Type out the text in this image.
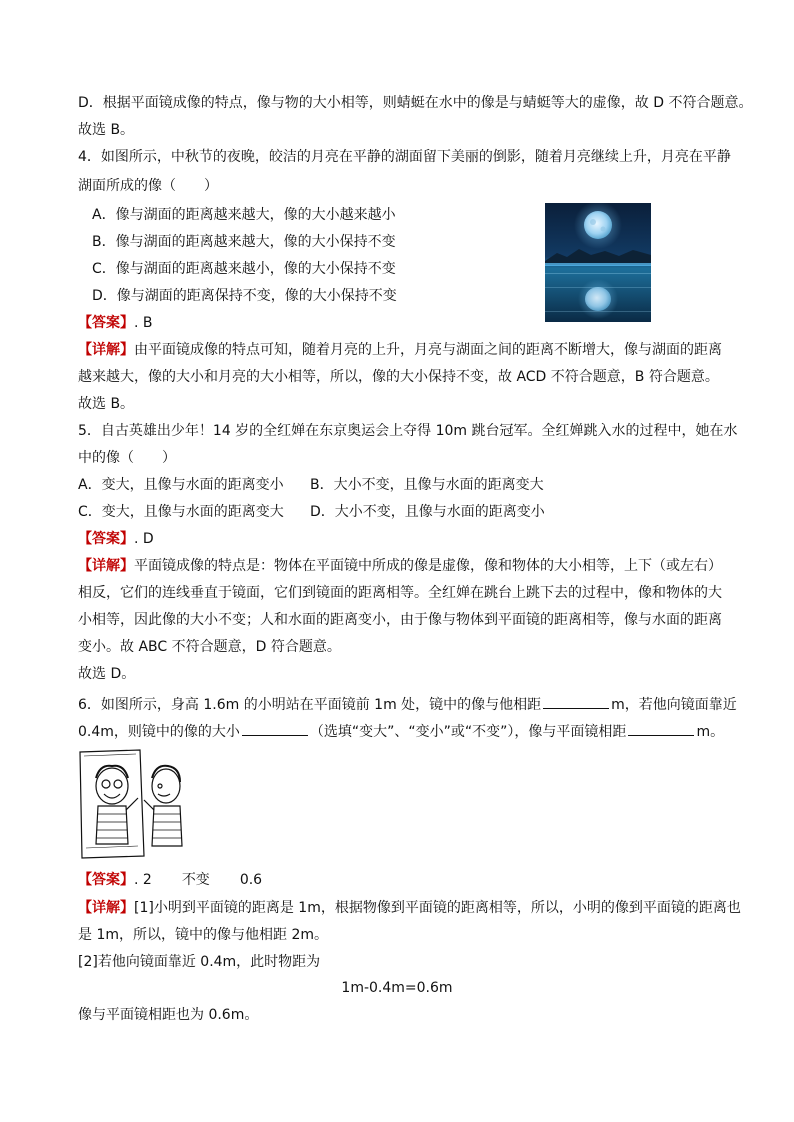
D．根据平面镜成像的特点，像与物的大小相等，则蜻蜓在水中的像是与蜻蜓等大的虚像，故 D 不符合题意。
故选 B。
4．如图所示，中秋节的夜晚，皎洁的月亮在平静的湖面留下美丽的倒影，随着月亮继续上升，月亮在平静
湖面所成的像（　　）
A．像与湖面的距离越来越大，像的大小越来越小
B．像与湖面的距离越来越大，像的大小保持不变
C．像与湖面的距离越来越小，像的大小保持不变
D．像与湖面的距离保持不变，像的大小保持不变
【答案】. B
【详解】由平面镜成像的特点可知，随着月亮的上升，月亮与湖面之间的距离不断增大，像与湖面的距离
越来越大，像的大小和月亮的大小相等，所以，像的大小保持不变，故 ACD 不符合题意，B 符合题意。
故选 B。
5．自古英雄出少年！14 岁的全红婵在东京奥运会上夺得 10m 跳台冠军。全红婵跳入水的过程中，她在水
中的像（　　）
A．变大，且像与水面的距离变小 B．大小不变，且像与水面的距离变大
C．变大，且像与水面的距离变大 D．大小不变，且像与水面的距离变小
【答案】. D
【详解】平面镜成像的特点是：物体在平面镜中所成的像是虚像，像和物体的大小相等，上下（或左右）
相反，它们的连线垂直于镜面，它们到镜面的距离相等。全红婵在跳台上跳下去的过程中，像和物体的大
小相等，因此像的大小不变；人和水面的距离变小，由于像与物体到平面镜的距离相等，像与水面的距离
变小。故 ABC 不符合题意，D 符合题意。
故选 D。
6．如图所示，身高 1.6m 的小明站在平面镜前 1m 处，镜中的像与他相距	m，若他向镜面靠近
0.4m，则镜中的像的大小	（选填“变大”、“变小”或“不变”），像与平面镜相距	m。
【答案】. 2 不变 0.6
【详解】[1]小明到平面镜的距离是 1m，根据物像到平面镜的距离相等，所以，小明的像到平面镜的距离也
是 1m，所以，镜中的像与他相距 2m。
[2]若他向镜面靠近 0.4m，此时物距为
1m-0.4m=0.6m
像与平面镜相距也为 0.6m。
